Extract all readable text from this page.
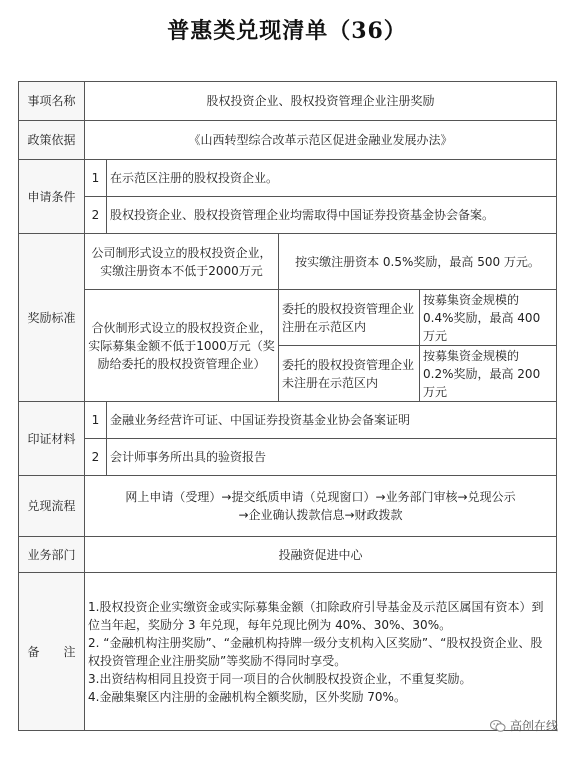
普惠类兑现清单（36）
事项名称	股权投资企业、股权投资管理企业注册奖励			
政策依据	《山西转型综合改革示范区促进金融业发展办法》			
申请条件	1	在示范区注册的股权投资企业。		
	2	股权投资企业、股权投资管理企业均需取得中国证券投资基金协会备案。		
奖励标准	公司制形式设立的股权投资企业，实缴注册资本不低于2000万元		按实缴注册资本 0.5%奖励，最高 500 万元。	
	合伙制形式设立的股权投资企业，实际募集金额不低于1000万元（奖励给委托的股权投资管理企业）		委托的股权投资管理企业注册在示范区内	按募集资金规模的 0.4%奖励，最高 400 万元
			委托的股权投资管理企业未注册在示范区内	按募集资金规模的 0.2%奖励，最高 200 万元
印证材料	1	金融业务经营许可证、中国证券投资基金业协会备案证明		
	2	会计师事务所出具的验资报告		
兑现流程	网上申请（受理）→提交纸质申请（兑现窗口）→业务部门审核→兑现公示
→企业确认拨款信息→财政拨款			

业务部门	投融资促进中心			
备　　注	1.股权投资企业实缴资金或实际募集金额（扣除政府引导基金及示范区属国有资本）到位当年起，奖励分 3 年兑现，每年兑现比例为 40%、30%、30%。

2. “金融机构注册奖励”、“金融机构持牌一级分支机构入区奖励”、“股权投资企业、股权投资管理企业注册奖励”等奖励不得同时享受。

3.出资结构相同且投资于同一项目的合伙制股权投资企业，不重复奖励。

4.金融集聚区内注册的金融机构全额奖励，区外奖励 70%。			

高创在线
